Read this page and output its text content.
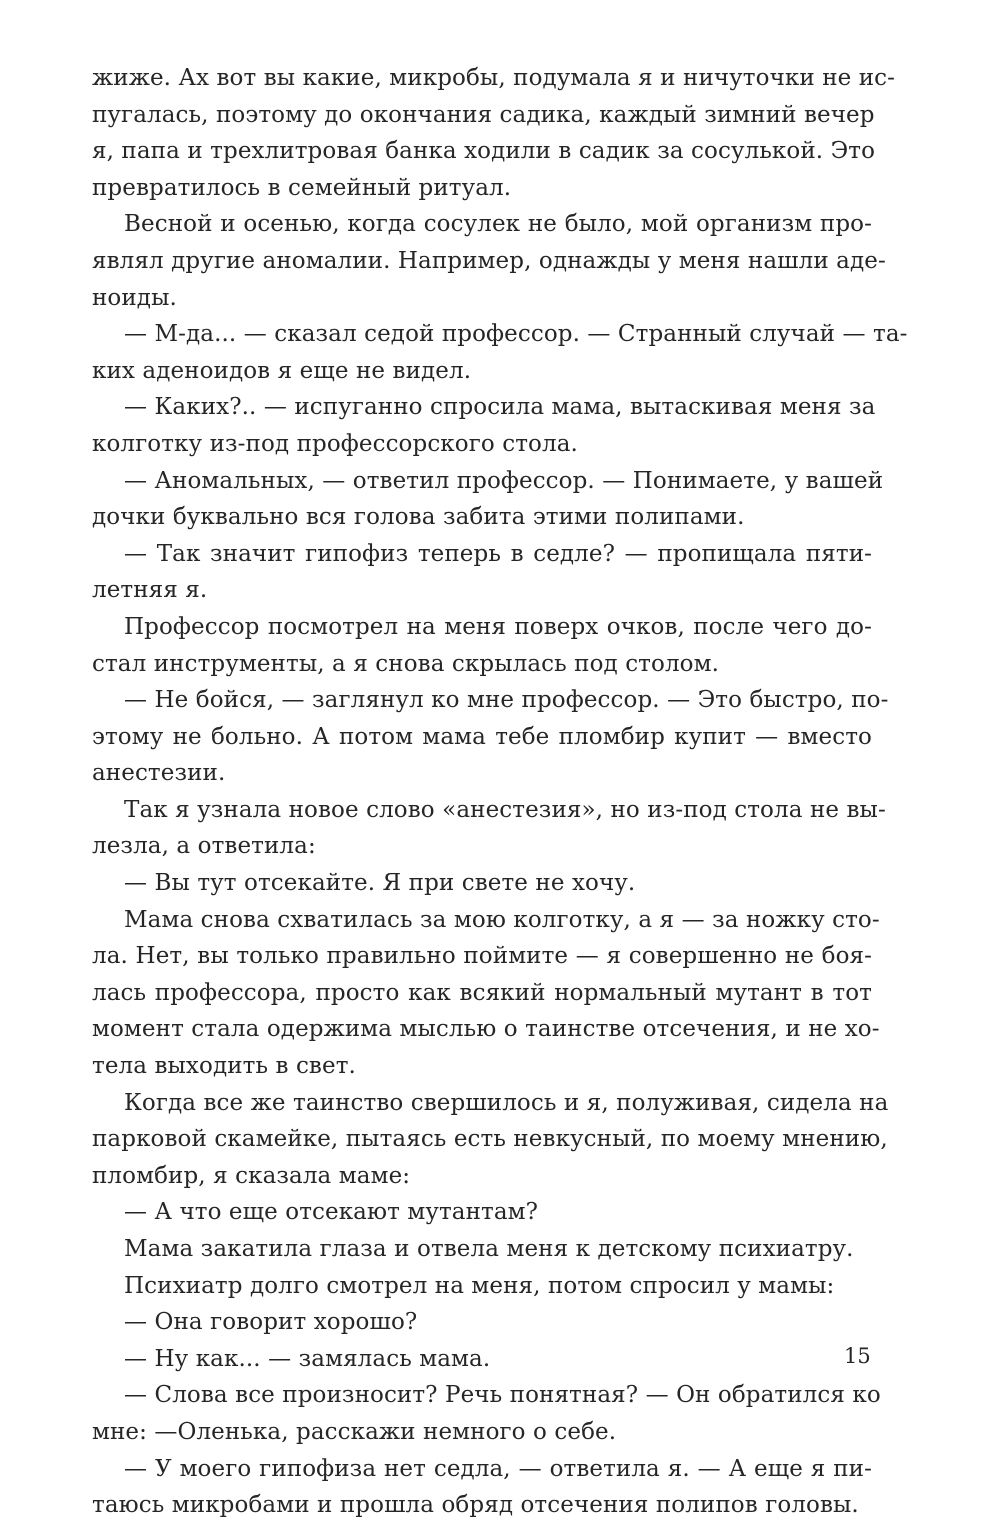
жиже. Ах вот вы какие, микробы, подумала я и ничуточки не ис-
пугалась, поэтому до окончания садика, каждый зимний вечер
я, папа и трехлитровая банка ходили в садик за сосулькой. Это
превратилось в семейный ритуал.
Весной и осенью, когда сосулек не было, мой организм про-
являл другие аномалии. Например, однажды у меня нашли аде-
ноиды.
— М-да... — сказал седой профессор. — Странный случай — та-
ких аденоидов я еще не видел.
— Каких?.. — испуганно спросила мама, вытаскивая меня за
колготку из-под профессорского стола.
— Аномальных, — ответил профессор. — Понимаете, у вашей
дочки буквально вся голова забита этими полипами.
— Так значит гипофиз теперь в седле? — пропищала пяти-
летняя я.
Профессор посмотрел на меня поверх очков, после чего до-
стал инструменты, а я снова скрылась под столом.
— Не бойся, — заглянул ко мне профессор. — Это быстро, по-
этому не больно. А потом мама тебе пломбир купит — вместо
анестезии.
Так я узнала новое слово «анестезия», но из-под стола не вы-
лезла, а ответила:
— Вы тут отсекайте. Я при свете не хочу.
Мама снова схватилась за мою колготку, а я — за ножку сто-
ла. Нет, вы только правильно поймите — я совершенно не боя-
лась профессора, просто как всякий нормальный мутант в тот
момент стала одержима мыслью о таинстве отсечения, и не хо-
тела выходить в свет.
Когда все же таинство свершилось и я, полуживая, сидела на
парковой скамейке, пытаясь есть невкусный, по моему мнению,
пломбир, я сказала маме:
— А что еще отсекают мутантам?
Мама закатила глаза и отвела меня к детскому психиатру.
Психиатр долго смотрел на меня, потом спросил у мамы:
— Она говорит хорошо?
— Ну как... — замялась мама.
— Слова все произносит? Речь понятная? — Он обратился ко
мне: —Оленька, расскажи немного о себе.
— У моего гипофиза нет седла, — ответила я. — А еще я пи-
таюсь микробами и прошла обряд отсечения полипов головы.
15
